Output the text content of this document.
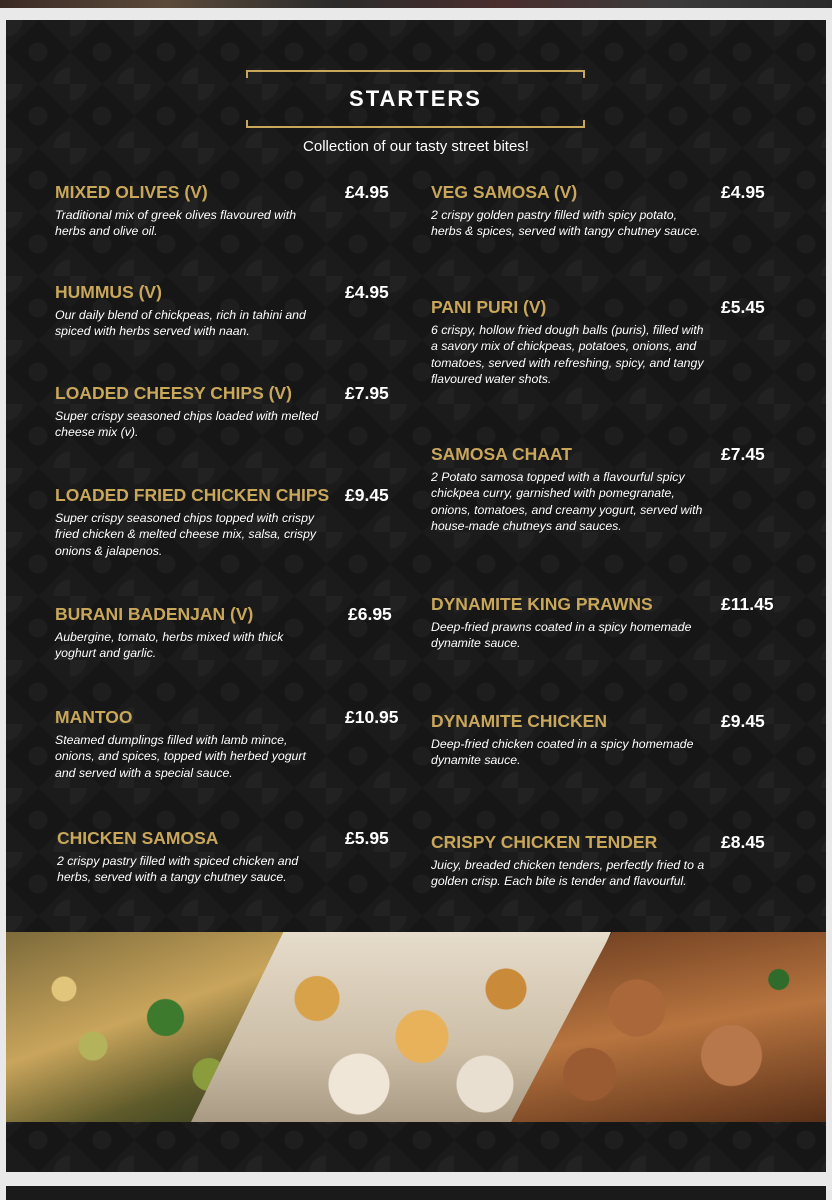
STARTERS
Collection of our tasty street bites!
MIXED OLIVES (V)	£4.95
Traditional mix of greek olives flavoured with herbs and olive oil.
HUMMUS (V)	£4.95
Our daily blend of chickpeas, rich in tahini and spiced with herbs served with naan.
LOADED CHEESY CHIPS (V)	£7.95
Super crispy seasoned chips loaded with melted cheese mix (v).
LOADED FRIED CHICKEN CHIPS £9.45
Super crispy seasoned chips topped with crispy fried chicken & melted cheese mix, salsa, crispy onions & jalapenos.
BURANI BADENJAN (V)	£6.95
Aubergine, tomato, herbs mixed with thick yoghurt and garlic.
MANTOO	£10.95
Steamed dumplings filled with lamb mince, onions, and spices, topped with herbed yogurt and served with a special sauce.
CHICKEN SAMOSA	£5.95
2 crispy pastry filled with spiced chicken and herbs, served with a tangy chutney sauce.
VEG SAMOSA (V)	£4.95
2 crispy golden pastry filled with spicy potato, herbs & spices, served with tangy chutney sauce.
PANI PURI (V)	£5.45
6 crispy, hollow fried dough balls (puris), filled with a savory mix of chickpeas, potatoes, onions, and tomatoes, served with refreshing, spicy, and tangy flavoured water shots.
SAMOSA CHAAT	£7.45
2 Potato samosa topped with a flavourful spicy chickpea curry, garnished with pomegranate, onions, tomatoes, and creamy yogurt, served with house-made chutneys and sauces.
DYNAMITE KING PRAWNS	£11.45
Deep-fried prawns coated in a spicy homemade dynamite sauce.
DYNAMITE CHICKEN	£9.45
Deep-fried chicken coated in a spicy homemade dynamite sauce.
CRISPY CHICKEN TENDER	£8.45
Juicy, breaded chicken tenders, perfectly fried to a golden crisp. Each bite is tender and flavourful.
